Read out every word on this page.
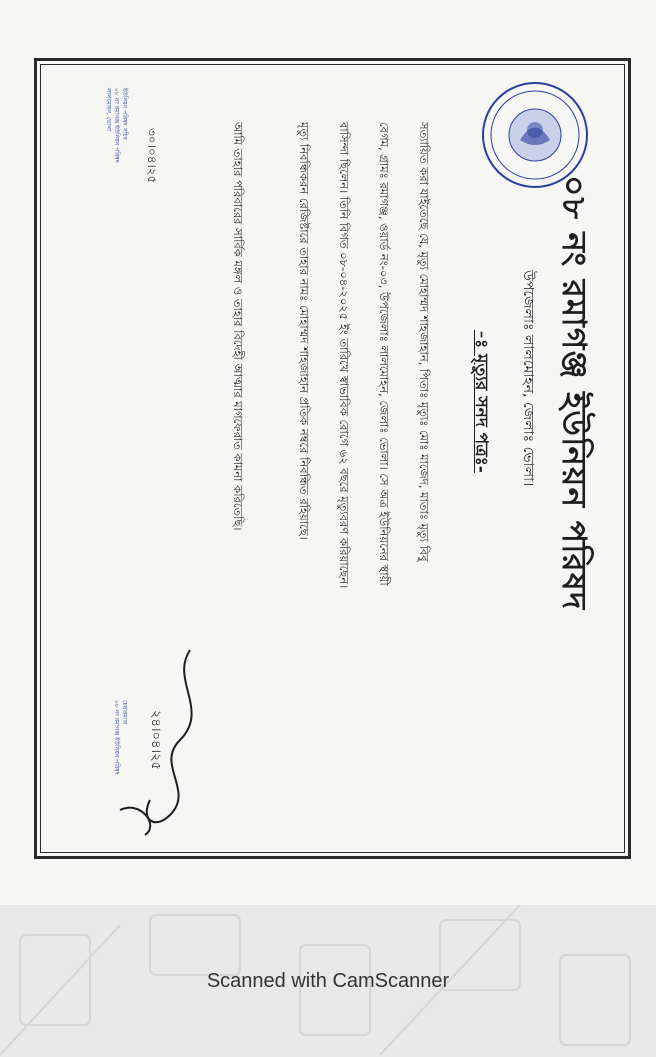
০৮ নং রমাগঞ্জ ইউনিয়ন পরিষদ
উপজেলাঃ লালমোহন, জেলাঃ ভোলা।
-ঃ মৃত্যুর সনদ পত্রঃ-
সত্যায়িত করা যাইতেছে যে, মৃত্যু মোহাম্মদ শাহজাহান, পিতাঃ মৃত্যুঃ মোঃ মাজেদ, মাতাঃ মৃত্যু বিবু
বেগম, গ্রামঃ রমাগঞ্জ, ওয়ার্ড নং-০৩, উপজেলাঃ লালমোহন, জেলাঃ ভোলা। সে অত্র ইউনিয়নের স্থায়ী
বাসিন্দা ছিলেন। তিনি বিগত ০৮-০৪-২০২৫ ইং তারিখে স্বাভাবিক রোগে ৬২ বছরে মৃত্যুবরণ করিয়াছেন।
মৃত্যু নিবন্ধিকরন রেজিষ্টারে তাহার নামঃ মোহাম্মদ শাহজাহান প্রতিক নম্বরে নিবন্ধিত রহিয়াছে।
আমি তাহার পরিবারের সার্বিক মঙ্গল ও তাহার বিদেহী আত্মার মাগফেরাত কামনা করিতেছি।
৩০।০৪।২৫
ইউনিয়ন পরিষদ সচিব
০৮ নং রমাগঞ্জ ইউনিয়ন পরিষদ
লালমোহন, ভোলা
২৪।০৪।২৫
চেয়ারম্যান
০৮ নং রমাগঞ্জ ইউনিয়ন পরিষদ
Scanned with CamScanner
